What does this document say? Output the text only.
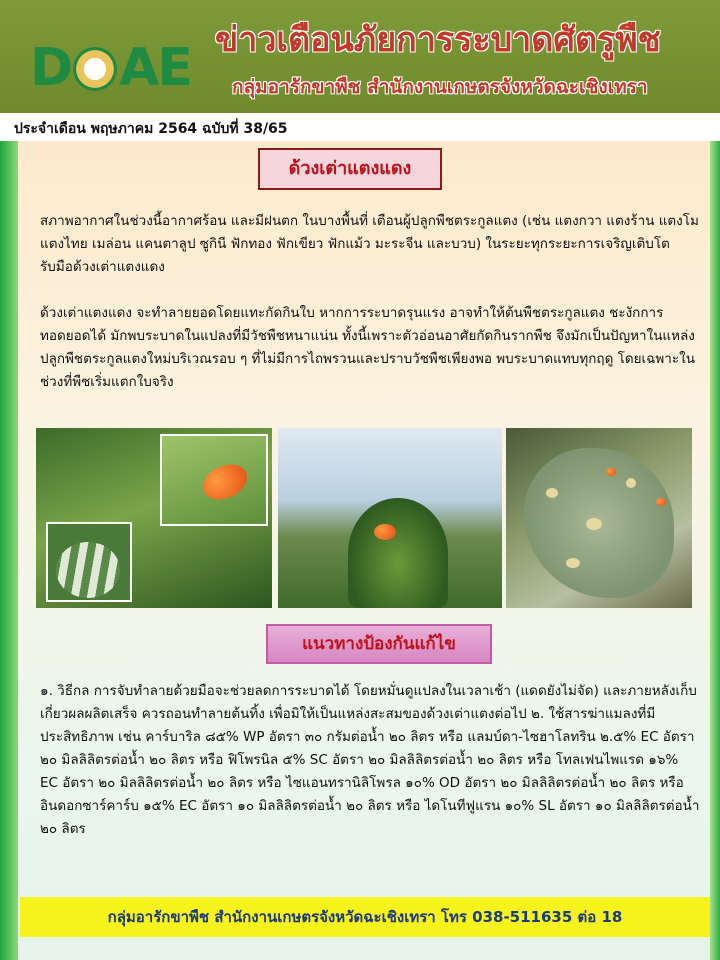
D AE ข่าวเตือนภัยการระบาดศัตรูพืช
กลุ่มอารักขาพืช สำนักงานเกษตรจังหวัดฉะเชิงเทรา
ประจำเดือน พฤษภาคม 2564 ฉบับที่ 38/65
ด้วงเต่าแตงแดง
สภาพอากาศในช่วงนี้อากาศร้อน และมีฝนตก ในบางพื้นที่ เตือนผู้ปลูกพืชตระกูลแตง (เช่น แตงกวา แตงร้าน แตงโม แตงไทย เมล่อน แคนตาลูป ซูกินี ฟักทอง ฟักเขียว ฟักแม้ว มะระจีน และบวบ) ในระยะทุกระยะการเจริญเติบโต รับมือด้วงเต่าแตงแดง
ด้วงเต่าแตงแดง จะทำลายยอดโดยแทะกัดกินใบ หากการระบาดรุนแรง อาจทำให้ต้นพืชตระกูลแตง ชะงักการทอดยอดได้ มักพบระบาดในแปลงที่มีวัชพืชหนาแน่น ทั้งนี้เพราะตัวอ่อนอาศัยกัดกินรากพืช จึงมักเป็นปัญหาในแหล่งปลูกพืชตระกูลแตงใหม่บริเวณรอบ ๆ ที่ไม่มีการไถพรวนและปราบวัชพืชเพียงพอ พบระบาดแทบทุกฤดู โดยเฉพาะในช่วงที่พืชเริ่มแตกใบจริง
แนวทางป้องกันแก้ไข
๑. วิธีกล การจับทำลายด้วยมือจะช่วยลดการระบาดได้ โดยหมั่นดูแปลงในเวลาเช้า (แดดยังไม่จัด) และภายหลังเก็บเกี่ยวผลผลิตเสร็จ ควรถอนทำลายต้นทิ้ง เพื่อมิให้เป็นแหล่งสะสมของด้วงเต่าแตงต่อไป ๒. ใช้สารฆ่าแมลงที่มีประสิทธิภาพ เช่น คาร์บาริล ๘๕% WP อัตรา ๓๐ กรัมต่อน้ำ ๒๐ ลิตร หรือ แลมบ์ดา-ไซฮาโลทริน ๒.๕% EC อัตรา ๒๐ มิลลิลิตรต่อน้ำ ๒๐ ลิตร หรือ ฟิโพรนิล ๕% SC อัตรา ๒๐ มิลลิลิตรต่อน้ำ ๒๐ ลิตร หรือ โทลเฟนไพแรด ๑๖% EC อัตรา ๒๐ มิลลิลิตรต่อน้ำ ๒๐ ลิตร หรือ ไซแอนทรานิลิโพรล ๑๐% OD อัตรา ๒๐ มิลลิลิตรต่อน้ำ ๒๐ ลิตร หรือ อินดอกซาร์คาร์บ ๑๕% EC อัตรา ๑๐ มิลลิลิตรต่อน้ำ ๒๐ ลิตร หรือ ไดโนทีฟูแรน ๑๐% SL อัตรา ๑๐ มิลลิลิตรต่อน้ำ ๒๐ ลิตร
กลุ่มอารักขาพืช สำนักงานเกษตรจังหวัดฉะเชิงเทรา โทร 038-511635 ต่อ 18
